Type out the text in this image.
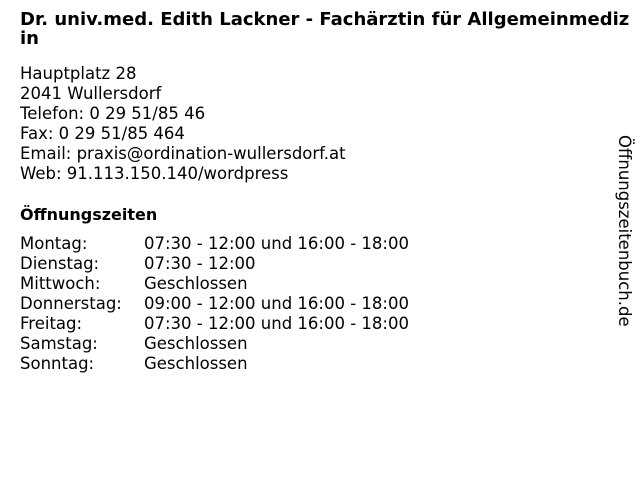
Dr. univ.med. Edith Lackner - Fachärztin für Allgemeinmedizin
Hauptplatz 28
2041 Wullersdorf
Telefon: 0 29 51/85 46
Fax: 0 29 51/85 464
Email: praxis@ordination-wullersdorf.at
Web: 91.113.150.140/wordpress
Öffnungszeiten
Montag:	07:30 - 12:00 und 16:00 - 18:00
Dienstag:	07:30 - 12:00
Mittwoch:	Geschlossen
Donnerstag: 09:00 - 12:00 und 16:00 - 18:00
Freitag:	07:30 - 12:00 und 16:00 - 18:00
Samstag:	Geschlossen
Sonntag:	Geschlossen
Öffnungszeitenbuch.de
